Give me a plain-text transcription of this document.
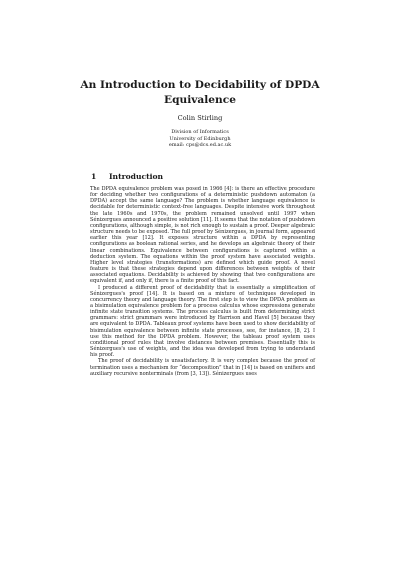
An Introduction to Decidability of DPDA
Equivalence
Colin Stirling
Division of Informatics
University of Edinburgh
email: cps@dcs.ed.ac.uk
1 Introduction

The DPDA equivalence problem was posed in 1966 [4]: is there an effective procedure for deciding whether two configurations of a deterministic pushdown automaton (a DPDA) accept the same language? The problem is whether language equivalence is decidable for deterministic context-free languages. Despite intensive work throughout the late 1960s and 1970s, the problem remained unsolved until 1997 when Sénizergues announced a positive solution [11]. It seems that the notation of pushdown configurations, although simple, is not rich enough to sustain a proof. Deeper algebraic structure needs to be exposed. The full proof by Sénizergues, in journal form, appeared earlier this year [12]. It exposes structure within a DPDA by representing configurations as boolean rational series, and he develops an algebraic theory of their linear combinations. Equivalence between configurations is captured within a deduction system. The equations within the proof system have associated weights. Higher level strategies (transformations) are defined which guide proof. A novel feature is that these strategies depend upon differences between weights of their associated equations. Decidability is achieved by showing that two configurations are equivalent if, and only if, there is a finite proof of this fact.

I produced a different proof of decidability that is essentially a simplification of Sénizergues's proof [14]. It is based on a mixture of techniques developed in concurrency theory and language theory. The first step is to view the DPDA problem as a bisimulation equivalence problem for a process calculus whose expressions generate infinite state transition systems. The process calculus is built from determining strict grammars: strict grammars were introduced by Harrison and Havel [5] because they are equivalent to DPDA. Tableaux proof systems have been used to show decidability of bisimulation equivalence between infinite state processes, see, for instance, [8, 2]. I use this method for the DPDA problem. However, the tableau proof system uses conditional proof rules that involve distances between premises. Essentially this is Sénizergues's use of weights, and the idea was developed from trying to understand his proof.

The proof of decidability is unsatisfactory. It is very complex because the proof of termination uses a mechanism for “decomposition” that in [14] is based on unifiers and auxiliary recursive nonterminals (from [3, 13]). Sénizergues uses
